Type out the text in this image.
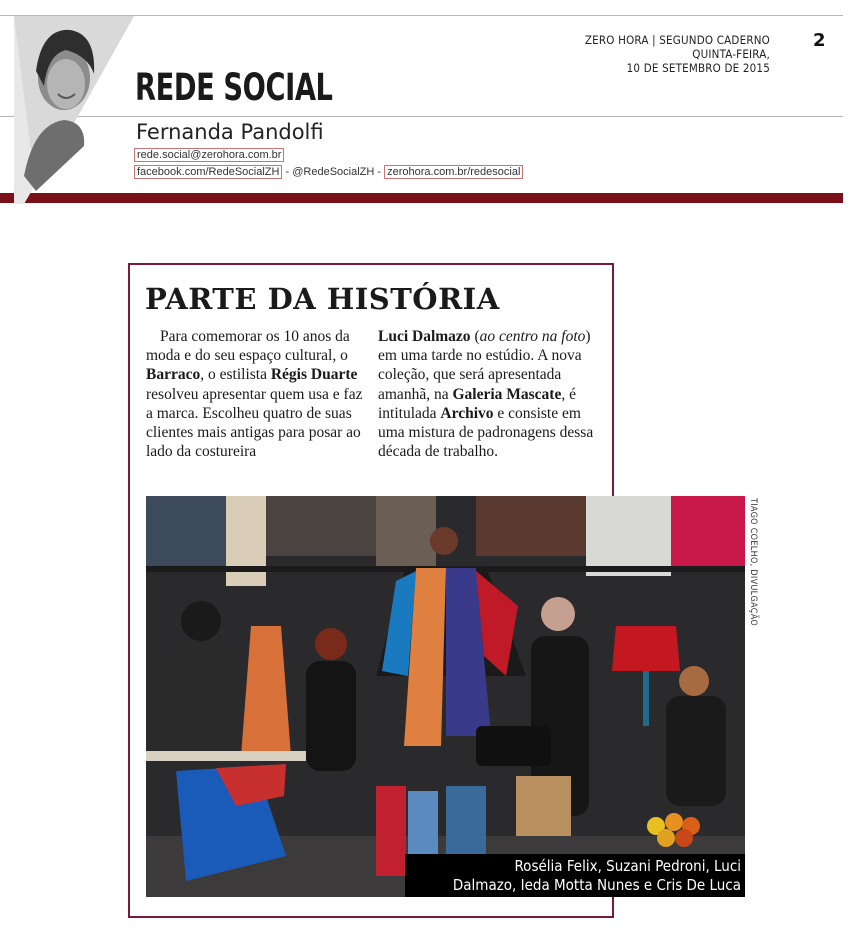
ZERO HORA | SEGUNDO CADERNO
QUINTA-FEIRA,
10 DE SETEMBRO DE 2015
2
REDE SOCIAL
Fernanda Pandolfi
rede.social@zerohora.com.br
facebook.com/RedeSocialZH - @RedeSocialZH - zerohora.com.br/redesocial
PARTE DA HISTÓRIA
Para comemorar os 10 anos da moda e do seu espaço cultural, o Barraco, o estilista Régis Duarte resolveu apresentar quem usa e faz a marca. Escolheu quatro de suas clientes mais antigas para posar ao lado da costureira
Luci Dalmazo (ao centro na foto) em uma tarde no estúdio. A nova coleção, que será apresentada amanhã, na Galeria Mascate, é intitulada Archivo e consiste em uma mistura de padronagens dessa década de trabalho.
TIAGO COELHO, DIVULGAÇÃO
Rosélia Felix, Suzani Pedroni, Luci
Dalmazo, Ieda Motta Nunes e Cris De Luca
